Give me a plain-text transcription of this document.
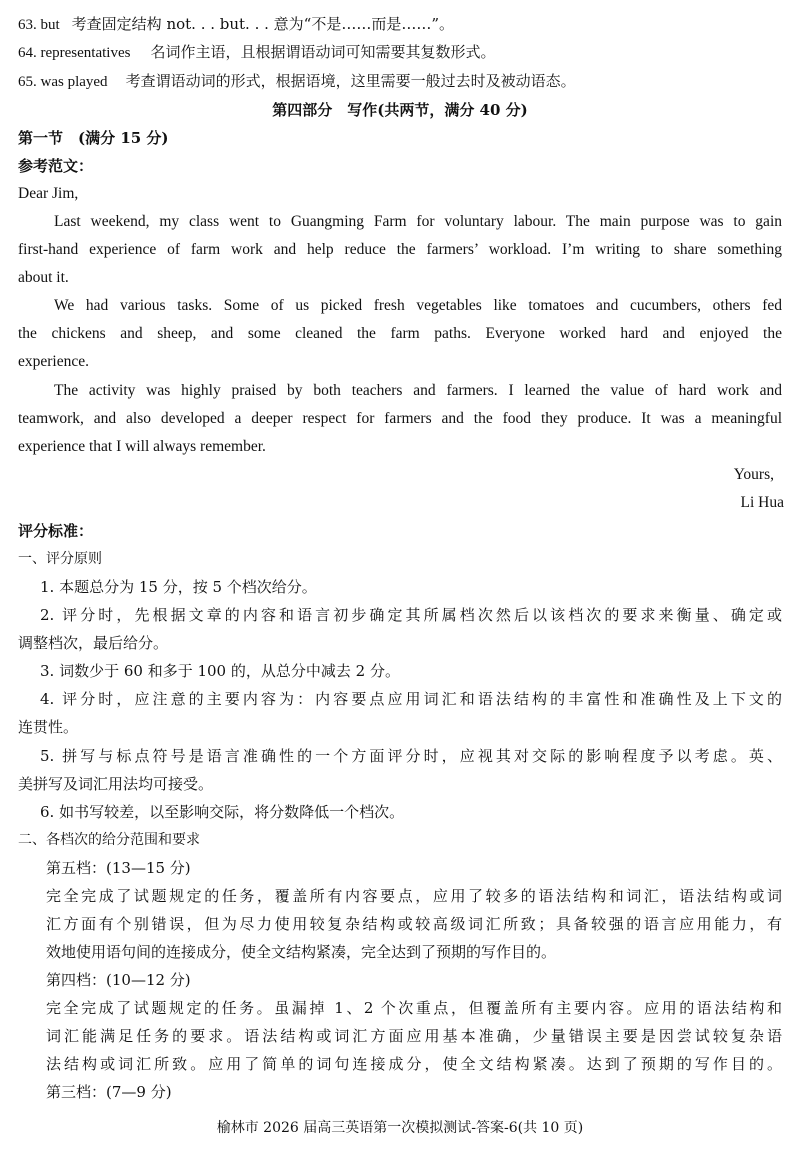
63. but 考查固定结构 not. . . but. . . 意为“不是……而是……”。
64. representatives 名词作主语，且根据谓语动词可知需要其复数形式。
65. was played 考查谓语动词的形式，根据语境，这里需要一般过去时及被动语态。
第四部分　写作(共两节，满分 40 分)
第一节　(满分 15 分)
参考范文：
Dear Jim,
Last weekend, my class went to Guangming Farm for voluntary labour. The main purpose was to gain
first-hand experience of farm work and help reduce the farmers’ workload. I’m writing to share something
about it.
We had various tasks. Some of us picked fresh vegetables like tomatoes and cucumbers, others fed
the chickens and sheep, and some cleaned the farm paths. Everyone worked hard and enjoyed the
experience.
The activity was highly praised by both teachers and farmers. I learned the value of hard work and
teamwork, and also developed a deeper respect for farmers and the food they produce. It was a meaningful
experience that I will always remember.
Yours,
Li Hua
评分标准：
一、评分原则
1. 本题总分为 15 分，按 5 个档次给分。
2. 评分时，先根据文章的内容和语言初步确定其所属档次然后以该档次的要求来衡量、确定或
调整档次，最后给分。
3. 词数少于 60 和多于 100 的，从总分中减去 2 分。
4. 评分时，应注意的主要内容为：内容要点应用词汇和语法结构的丰富性和准确性及上下文的
连贯性。
5. 拼写与标点符号是语言准确性的一个方面评分时，应视其对交际的影响程度予以考虑。英、
美拼写及词汇用法均可接受。
6. 如书写较差，以至影响交际，将分数降低一个档次。
二、各档次的给分范围和要求
第五档：(13—15 分)
完全完成了试题规定的任务，覆盖所有内容要点，应用了较多的语法结构和词汇，语法结构或词
汇方面有个别错误，但为尽力使用较复杂结构或较高级词汇所致；具备较强的语言应用能力，有
效地使用语句间的连接成分，使全文结构紧凑，完全达到了预期的写作目的。
第四档：(10—12 分)
完全完成了试题规定的任务。虽漏掉 1、2 个次重点，但覆盖所有主要内容。应用的语法结构和
词汇能满足任务的要求。语法结构或词汇方面应用基本准确，少量错误主要是因尝试较复杂语
法结构或词汇所致。应用了简单的词句连接成分，使全文结构紧凑。达到了预期的写作目的。
第三档：(7—9 分)
榆林市 2026 届高三英语第一次模拟测试-答案-6(共 10 页)
